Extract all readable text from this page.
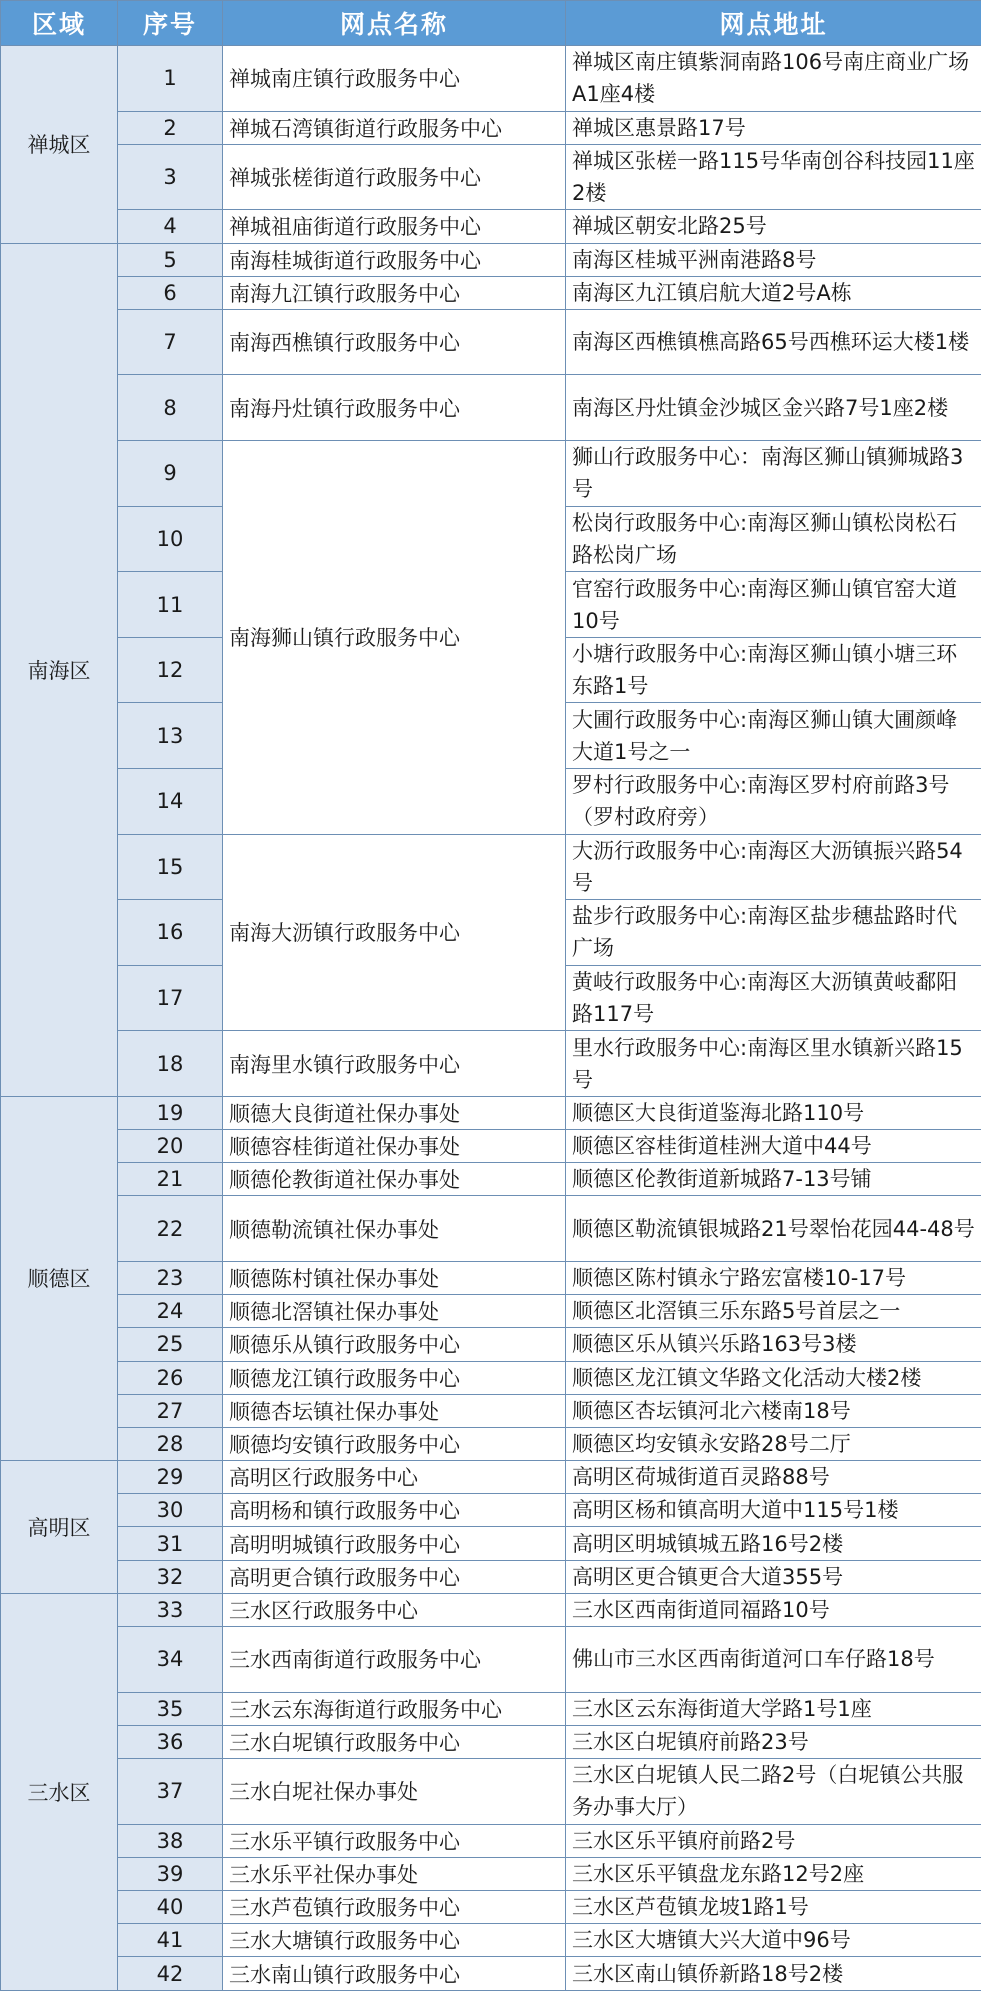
区域	序号	网点名称	网点地址
禅城区	1	禅城南庄镇行政服务中心	禅城区南庄镇紫洞南路106号南庄商业广场A1座4楼
	2	禅城石湾镇街道行政服务中心	禅城区惠景路17号
	3	禅城张槎街道行政服务中心	禅城区张槎一路115号华南创谷科技园11座2楼
	4	禅城祖庙街道行政服务中心	禅城区朝安北路25号
南海区	5	南海桂城街道行政服务中心	南海区桂城平洲南港路8号
	6	南海九江镇行政服务中心	南海区九江镇启航大道2号A栋
	7	南海西樵镇行政服务中心	南海区西樵镇樵高路65号西樵环运大楼1楼
	8	南海丹灶镇行政服务中心	南海区丹灶镇金沙城区金兴路7号1座2楼
	9	南海狮山镇行政服务中心	狮山行政服务中心：南海区狮山镇狮城路3号
	10		松岗行政服务中心:南海区狮山镇松岗松石路松岗广场
	11		官窑行政服务中心:南海区狮山镇官窑大道10号
	12		小塘行政服务中心:南海区狮山镇小塘三环东路1号
	13		大圃行政服务中心:南海区狮山镇大圃颜峰大道1号之一
	14		罗村行政服务中心:南海区罗村府前路3号（罗村政府旁）
	15	南海大沥镇行政服务中心	大沥行政服务中心:南海区大沥镇振兴路54号
	16		盐步行政服务中心:南海区盐步穗盐路时代广场
	17		黄岐行政服务中心:南海区大沥镇黄岐鄱阳路117号
	18	南海里水镇行政服务中心	里水行政服务中心:南海区里水镇新兴路15号
顺德区	19	顺德大良街道社保办事处	顺德区大良街道鉴海北路110号
	20	顺德容桂街道社保办事处	顺德区容桂街道桂洲大道中44号
	21	顺德伦教街道社保办事处	顺德区伦教街道新城路7-13号铺
	22	顺德勒流镇社保办事处	顺德区勒流镇银城路21号翠怡花园44-48号
	23	顺德陈村镇社保办事处	顺德区陈村镇永宁路宏富楼10-17号
	24	顺德北滘镇社保办事处	顺德区北滘镇三乐东路5号首层之一
	25	顺德乐从镇行政服务中心	顺德区乐从镇兴乐路163号3楼
	26	顺德龙江镇行政服务中心	顺德区龙江镇文华路文化活动大楼2楼
	27	顺德杏坛镇社保办事处	顺德区杏坛镇河北六楼南18号
	28	顺德均安镇行政服务中心	顺德区均安镇永安路28号二厅
高明区	29	高明区行政服务中心	高明区荷城街道百灵路88号
	30	高明杨和镇行政服务中心	高明区杨和镇高明大道中115号1楼
	31	高明明城镇行政服务中心	高明区明城镇城五路16号2楼
	32	高明更合镇行政服务中心	高明区更合镇更合大道355号
三水区	33	三水区行政服务中心	三水区西南街道同福路10号
	34	三水西南街道行政服务中心	佛山市三水区西南街道河口车仔路18号
	35	三水云东海街道行政服务中心	三水区云东海街道大学路1号1座
	36	三水白坭镇行政服务中心	三水区白坭镇府前路23号
	37	三水白坭社保办事处	三水区白坭镇人民二路2号（白坭镇公共服务办事大厅）
	38	三水乐平镇行政服务中心	三水区乐平镇府前路2号
	39	三水乐平社保办事处	三水区乐平镇盘龙东路12号2座
	40	三水芦苞镇行政服务中心	三水区芦苞镇龙坡1路1号
	41	三水大塘镇行政服务中心	三水区大塘镇大兴大道中96号
	42	三水南山镇行政服务中心	三水区南山镇侨新路18号2楼
